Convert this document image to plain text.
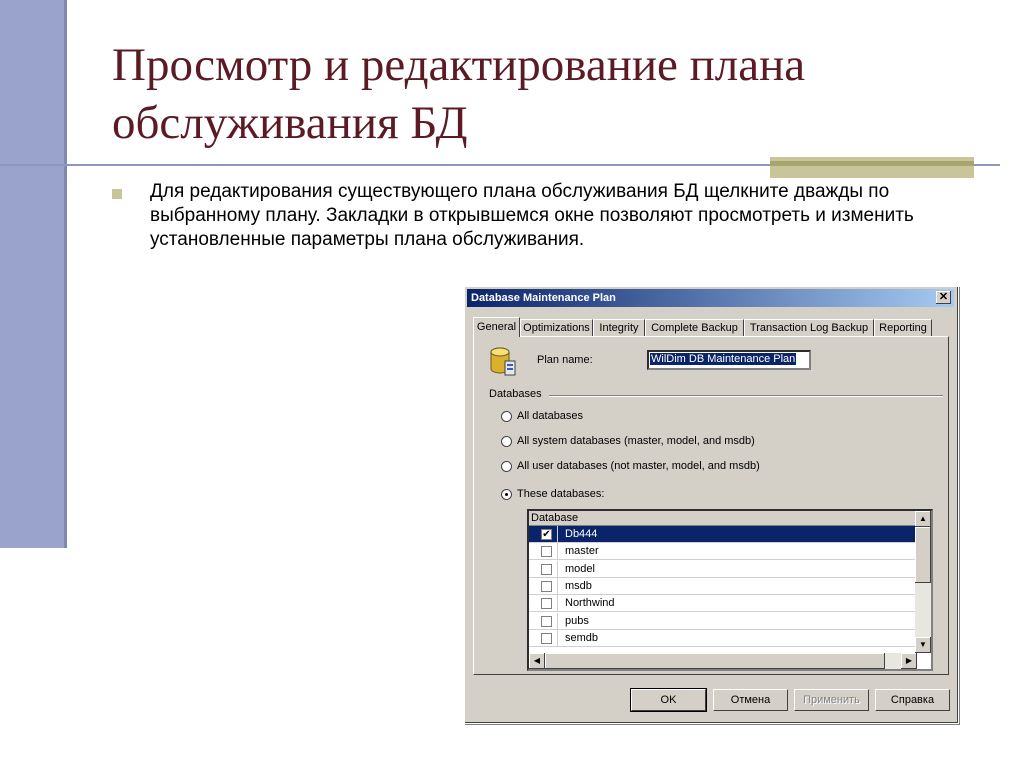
Просмотр и редактирование плана обслуживания БД

Для редактирования существующего плана обслуживания БД щелкните дважды по выбранному плану. Закладки в открывшемся окне позволяют просмотреть и изменить установленные параметры плана обслуживания.

Database Maintenance Plan	✕
General Optimizations Integrity	Complete Backup	Transaction Log Backup	Reporting
Plan name:	WilDim DB Maintenance Plan
Databases
All databases
All system databases (master, model, and msdb)
All user databases (not master, model, and msdb)
These databases:
Database
✔ Db444
master
model
msdb
Northwind
pubs
semdb
▲
▼
◀	▶
OK	Отмена	Применить	Справка
